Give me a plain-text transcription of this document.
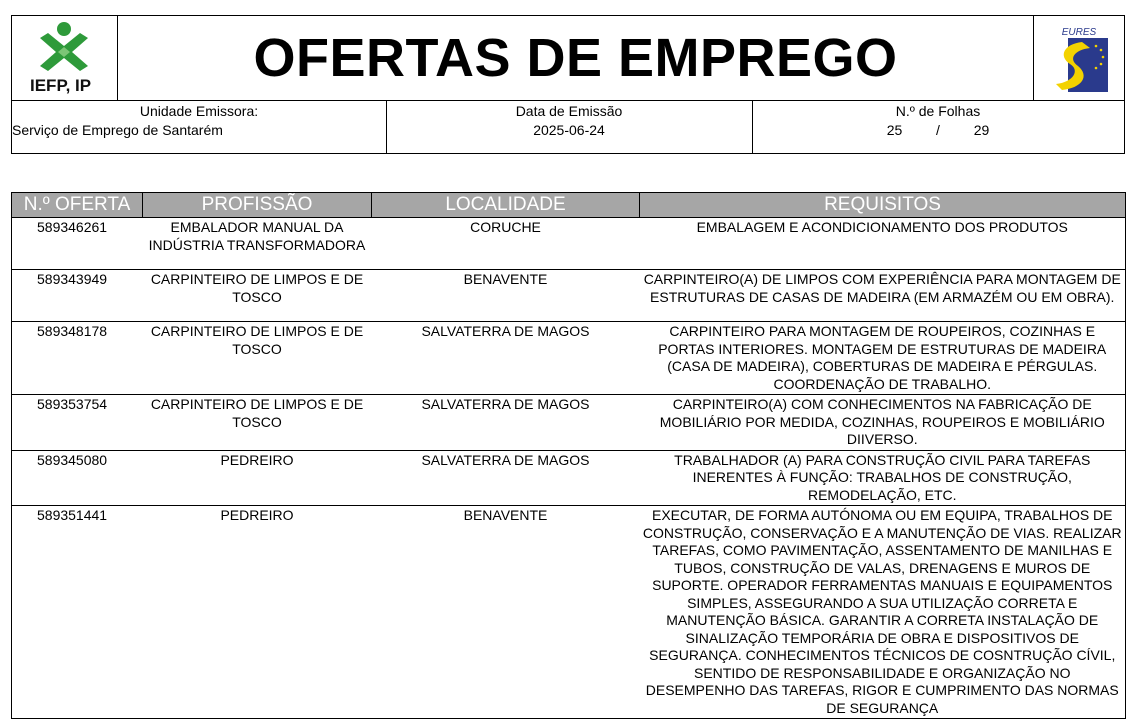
IEFP, IP	OFERTAS DE EMPREGO	EURES
Unidade Emissora:
Serviço de Emprego de Santarém
Data de Emissão
2025-06-24
N.º de Folhas
25 / 29
N.º OFERTA	PROFISSÃO	LOCALIDADE	REQUISITOS
589346261	EMBALADOR MANUAL DA INDÚSTRIA TRANSFORMADORA	CORUCHE	EMBALAGEM E ACONDICIONAMENTO DOS PRODUTOS
589343949	CARPINTEIRO DE LIMPOS E DE TOSCO	BENAVENTE	CARPINTEIRO(A) DE LIMPOS COM EXPERIÊNCIA PARA MONTAGEM DE ESTRUTURAS DE CASAS DE MADEIRA (EM ARMAZÉM OU EM OBRA).
589348178	CARPINTEIRO DE LIMPOS E DE TOSCO	SALVATERRA DE MAGOS	CARPINTEIRO PARA MONTAGEM DE ROUPEIROS, COZINHAS E PORTAS INTERIORES. MONTAGEM DE ESTRUTURAS DE MADEIRA (CASA DE MADEIRA), COBERTURAS DE MADEIRA E PÉRGULAS. COORDENAÇÃO DE TRABALHO.
589353754	CARPINTEIRO DE LIMPOS E DE TOSCO	SALVATERRA DE MAGOS	CARPINTEIRO(A) COM CONHECIMENTOS NA FABRICAÇÃO DE MOBILIÁRIO POR MEDIDA, COZINHAS, ROUPEIROS E MOBILIÁRIO DIIVERSO.
589345080	PEDREIRO	SALVATERRA DE MAGOS	TRABALHADOR (A) PARA CONSTRUÇÃO CIVIL PARA TAREFAS INERENTES À FUNÇÃO: TRABALHOS DE CONSTRUÇÃO, REMODELAÇÃO, ETC.
589351441	PEDREIRO	BENAVENTE	EXECUTAR, DE FORMA AUTÓNOMA OU EM EQUIPA, TRABALHOS DE CONSTRUÇÃO, CONSERVAÇÃO E A MANUTENÇÃO DE VIAS. REALIZAR TAREFAS, COMO PAVIMENTAÇÃO, ASSENTAMENTO DE MANILHAS E TUBOS, CONSTRUÇÃO DE VALAS, DRENAGENS E MUROS DE SUPORTE. OPERADOR FERRAMENTAS MANUAIS E EQUIPAMENTOS SIMPLES, ASSEGURANDO A SUA UTILIZAÇÃO CORRETA E MANUTENÇÃO BÁSICA. GARANTIR A CORRETA INSTALAÇÃO DE SINALIZAÇÃO TEMPORÁRIA DE OBRA E DISPOSITIVOS DE SEGURANÇA. CONHECIMENTOS TÉCNICOS DE COSNTRUÇÃO CÍVIL, SENTIDO DE RESPONSABILIDADE E ORGANIZAÇÃO NO DESEMPENHO DAS TAREFAS, RIGOR E CUMPRIMENTO DAS NORMAS DE SEGURANÇA
